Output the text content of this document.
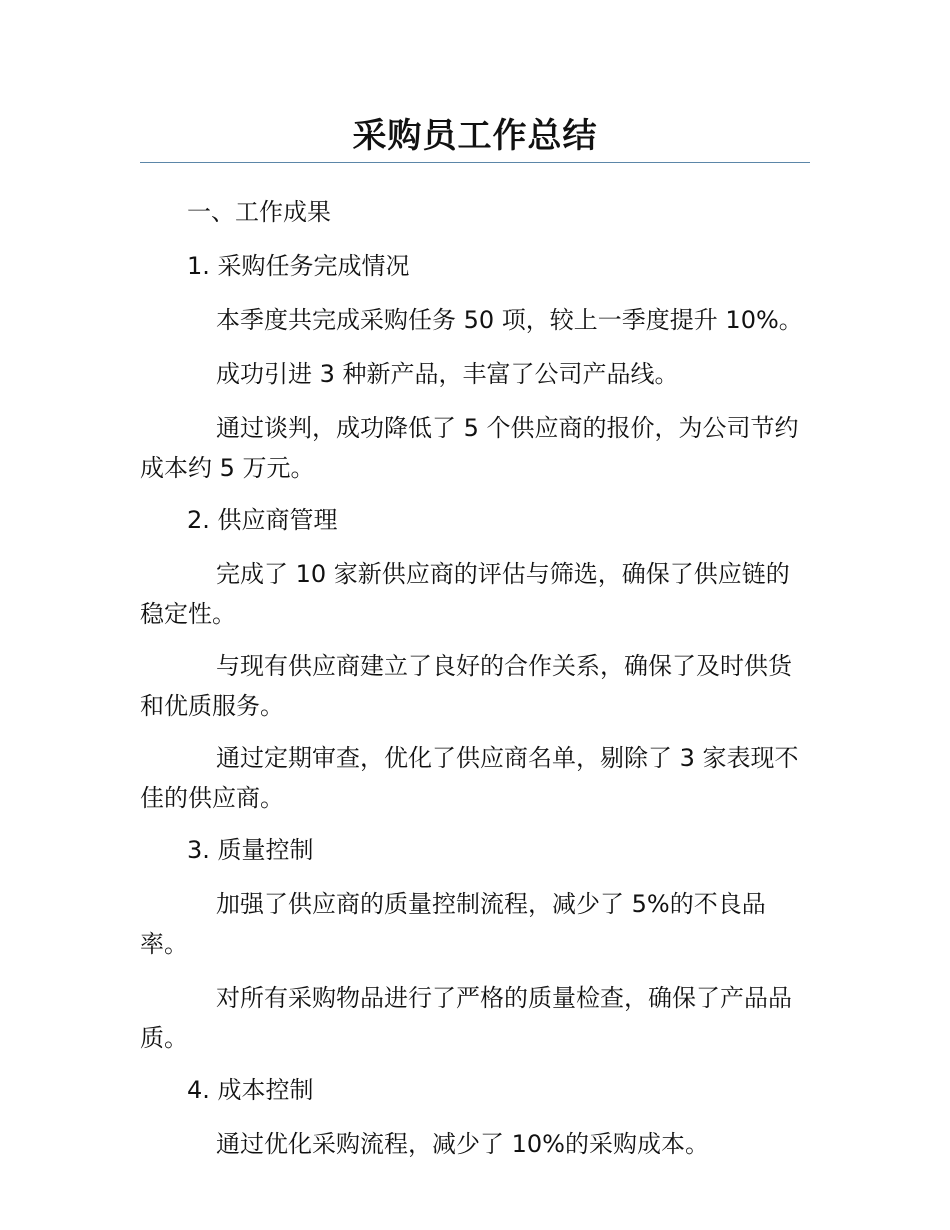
采购员工作总结
一、工作成果
1. 采购任务完成情况
本季度共完成采购任务 50 项，较上一季度提升 10%。
成功引进 3 种新产品，丰富了公司产品线。
通过谈判，成功降低了 5 个供应商的报价，为公司节约成本约 5 万元。
2. 供应商管理
完成了 10 家新供应商的评估与筛选，确保了供应链的稳定性。
与现有供应商建立了良好的合作关系，确保了及时供货和优质服务。
通过定期审查，优化了供应商名单，剔除了 3 家表现不佳的供应商。
3. 质量控制
加强了供应商的质量控制流程，减少了 5%的不良品率。
对所有采购物品进行了严格的质量检查，确保了产品品质。
4. 成本控制
通过优化采购流程，减少了 10%的采购成本。
